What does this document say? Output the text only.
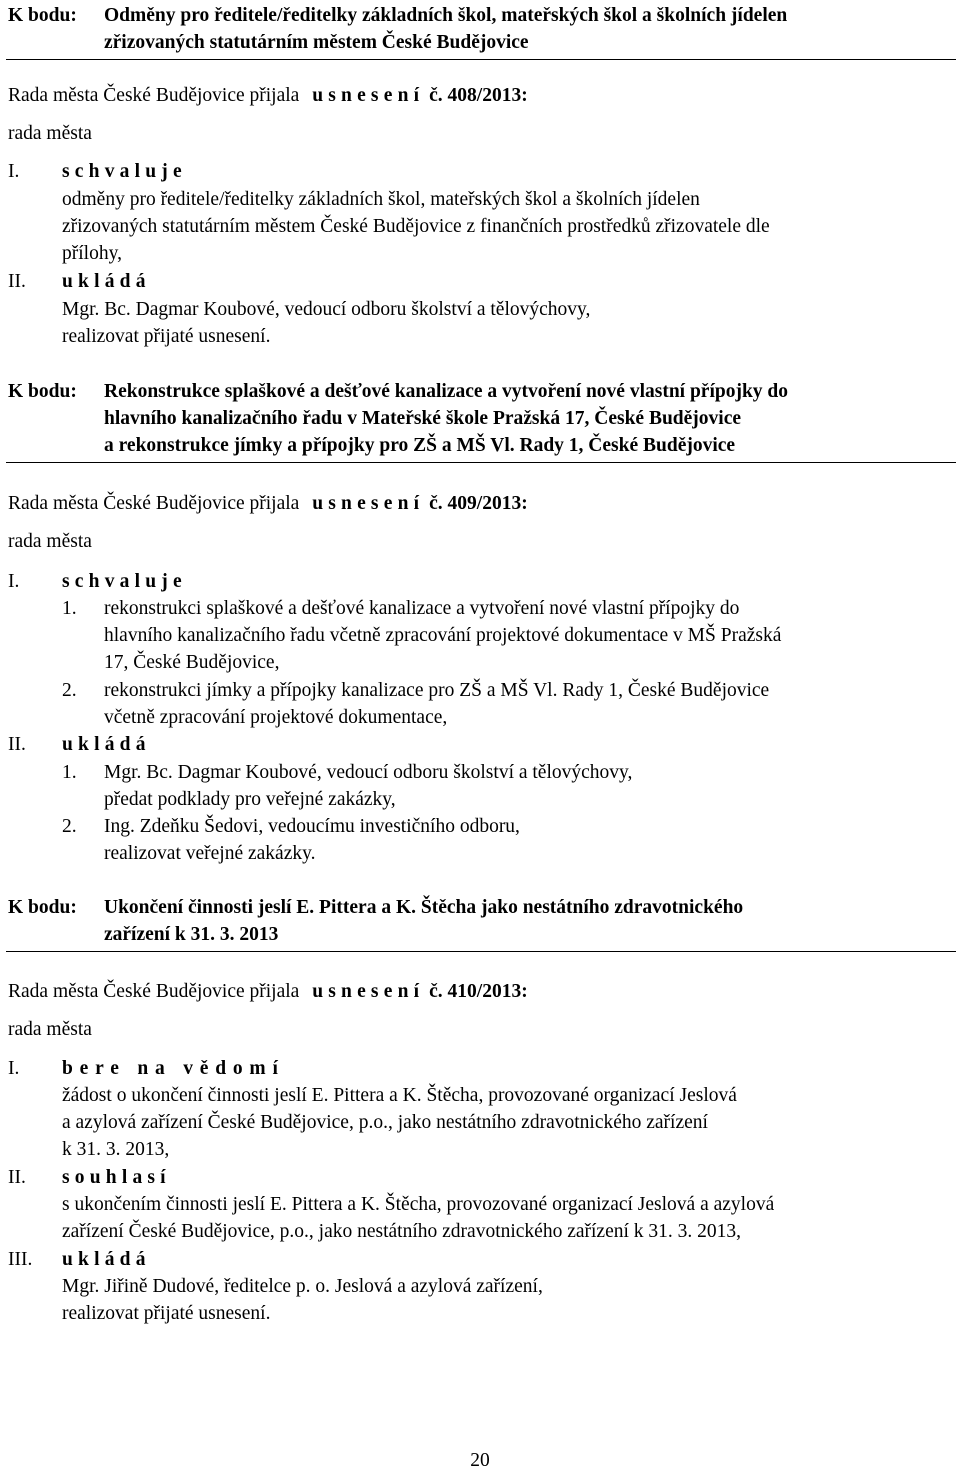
K bodu: Odměny pro ředitele/ředitelky základních škol, mateřských škol a školních jídelen
zřizovaných statutárním městem České Budějovice
Rada města České Budějovice přijala usnesení č. 408/2013:
rada města
I. schvaluje
odměny pro ředitele/ředitelky základních škol, mateřských škol a školních jídelen
zřizovaných statutárním městem České Budějovice z finančních prostředků zřizovatele dle
přílohy,
II. ukládá
Mgr. Bc. Dagmar Koubové, vedoucí odboru školství a tělovýchovy,
realizovat přijaté usnesení.
K bodu: Rekonstrukce splaškové a dešťové kanalizace a vytvoření nové vlastní přípojky do
hlavního kanalizačního řadu v Mateřské škole Pražská 17, České Budějovice
a rekonstrukce jímky a přípojky pro ZŠ a MŠ Vl. Rady 1, České Budějovice
Rada města České Budějovice přijala usnesení č. 409/2013:
rada města
I. schvaluje
1. rekonstrukci splaškové a dešťové kanalizace a vytvoření nové vlastní přípojky do
hlavního kanalizačního řadu včetně zpracování projektové dokumentace v MŠ Pražská
17, České Budějovice,
2. rekonstrukci jímky a přípojky kanalizace pro ZŠ a MŠ Vl. Rady 1, České Budějovice
včetně zpracování projektové dokumentace,
II. ukládá
1. Mgr. Bc. Dagmar Koubové, vedoucí odboru školství a tělovýchovy,
předat podklady pro veřejné zakázky,
2. Ing. Zdeňku Šedovi, vedoucímu investičního odboru,
realizovat veřejné zakázky.
K bodu: Ukončení činnosti jeslí E. Pittera a K. Štěcha jako nestátního zdravotnického
zařízení k 31. 3. 2013
Rada města České Budějovice přijala usnesení č. 410/2013:
rada města
I. bere na vědomí
žádost o ukončení činnosti jeslí E. Pittera a K. Štěcha, provozované organizací Jeslová
a azylová zařízení České Budějovice, p.o., jako nestátního zdravotnického zařízení
k 31. 3. 2013,
II. souhlasí
s ukončením činnosti jeslí E. Pittera a K. Štěcha, provozované organizací Jeslová a azylová
zařízení České Budějovice, p.o., jako nestátního zdravotnického zařízení k 31. 3. 2013,
III. ukládá
Mgr. Jiřině Dudové, ředitelce p. o. Jeslová a azylová zařízení,
realizovat přijaté usnesení.
20
